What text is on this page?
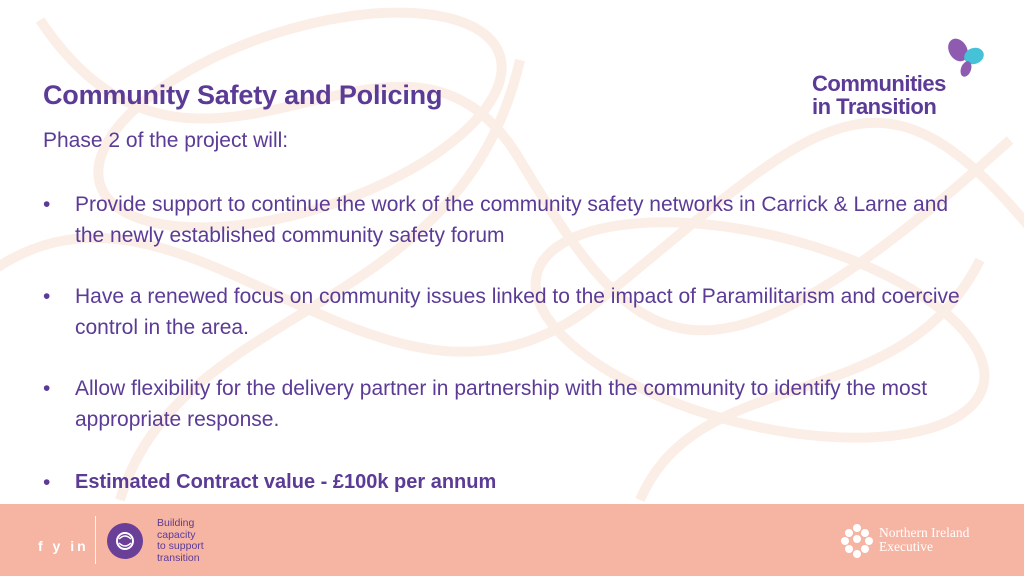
Community Safety and Policing
Phase 2 of the project will:
•	Provide support to continue the work of the community safety networks in Carrick & Larne and the newly established community safety forum
•	Have a renewed focus on community issues linked to the impact of Paramilitarism and coercive control in the area.
•	Allow flexibility for the delivery partner in partnership with the community to identify the most appropriate response.
•	Estimated Contract value - £100k per annum
Communities
in Transition
f y in
Building
capacity
to support
transition
Northern Ireland
Executive
